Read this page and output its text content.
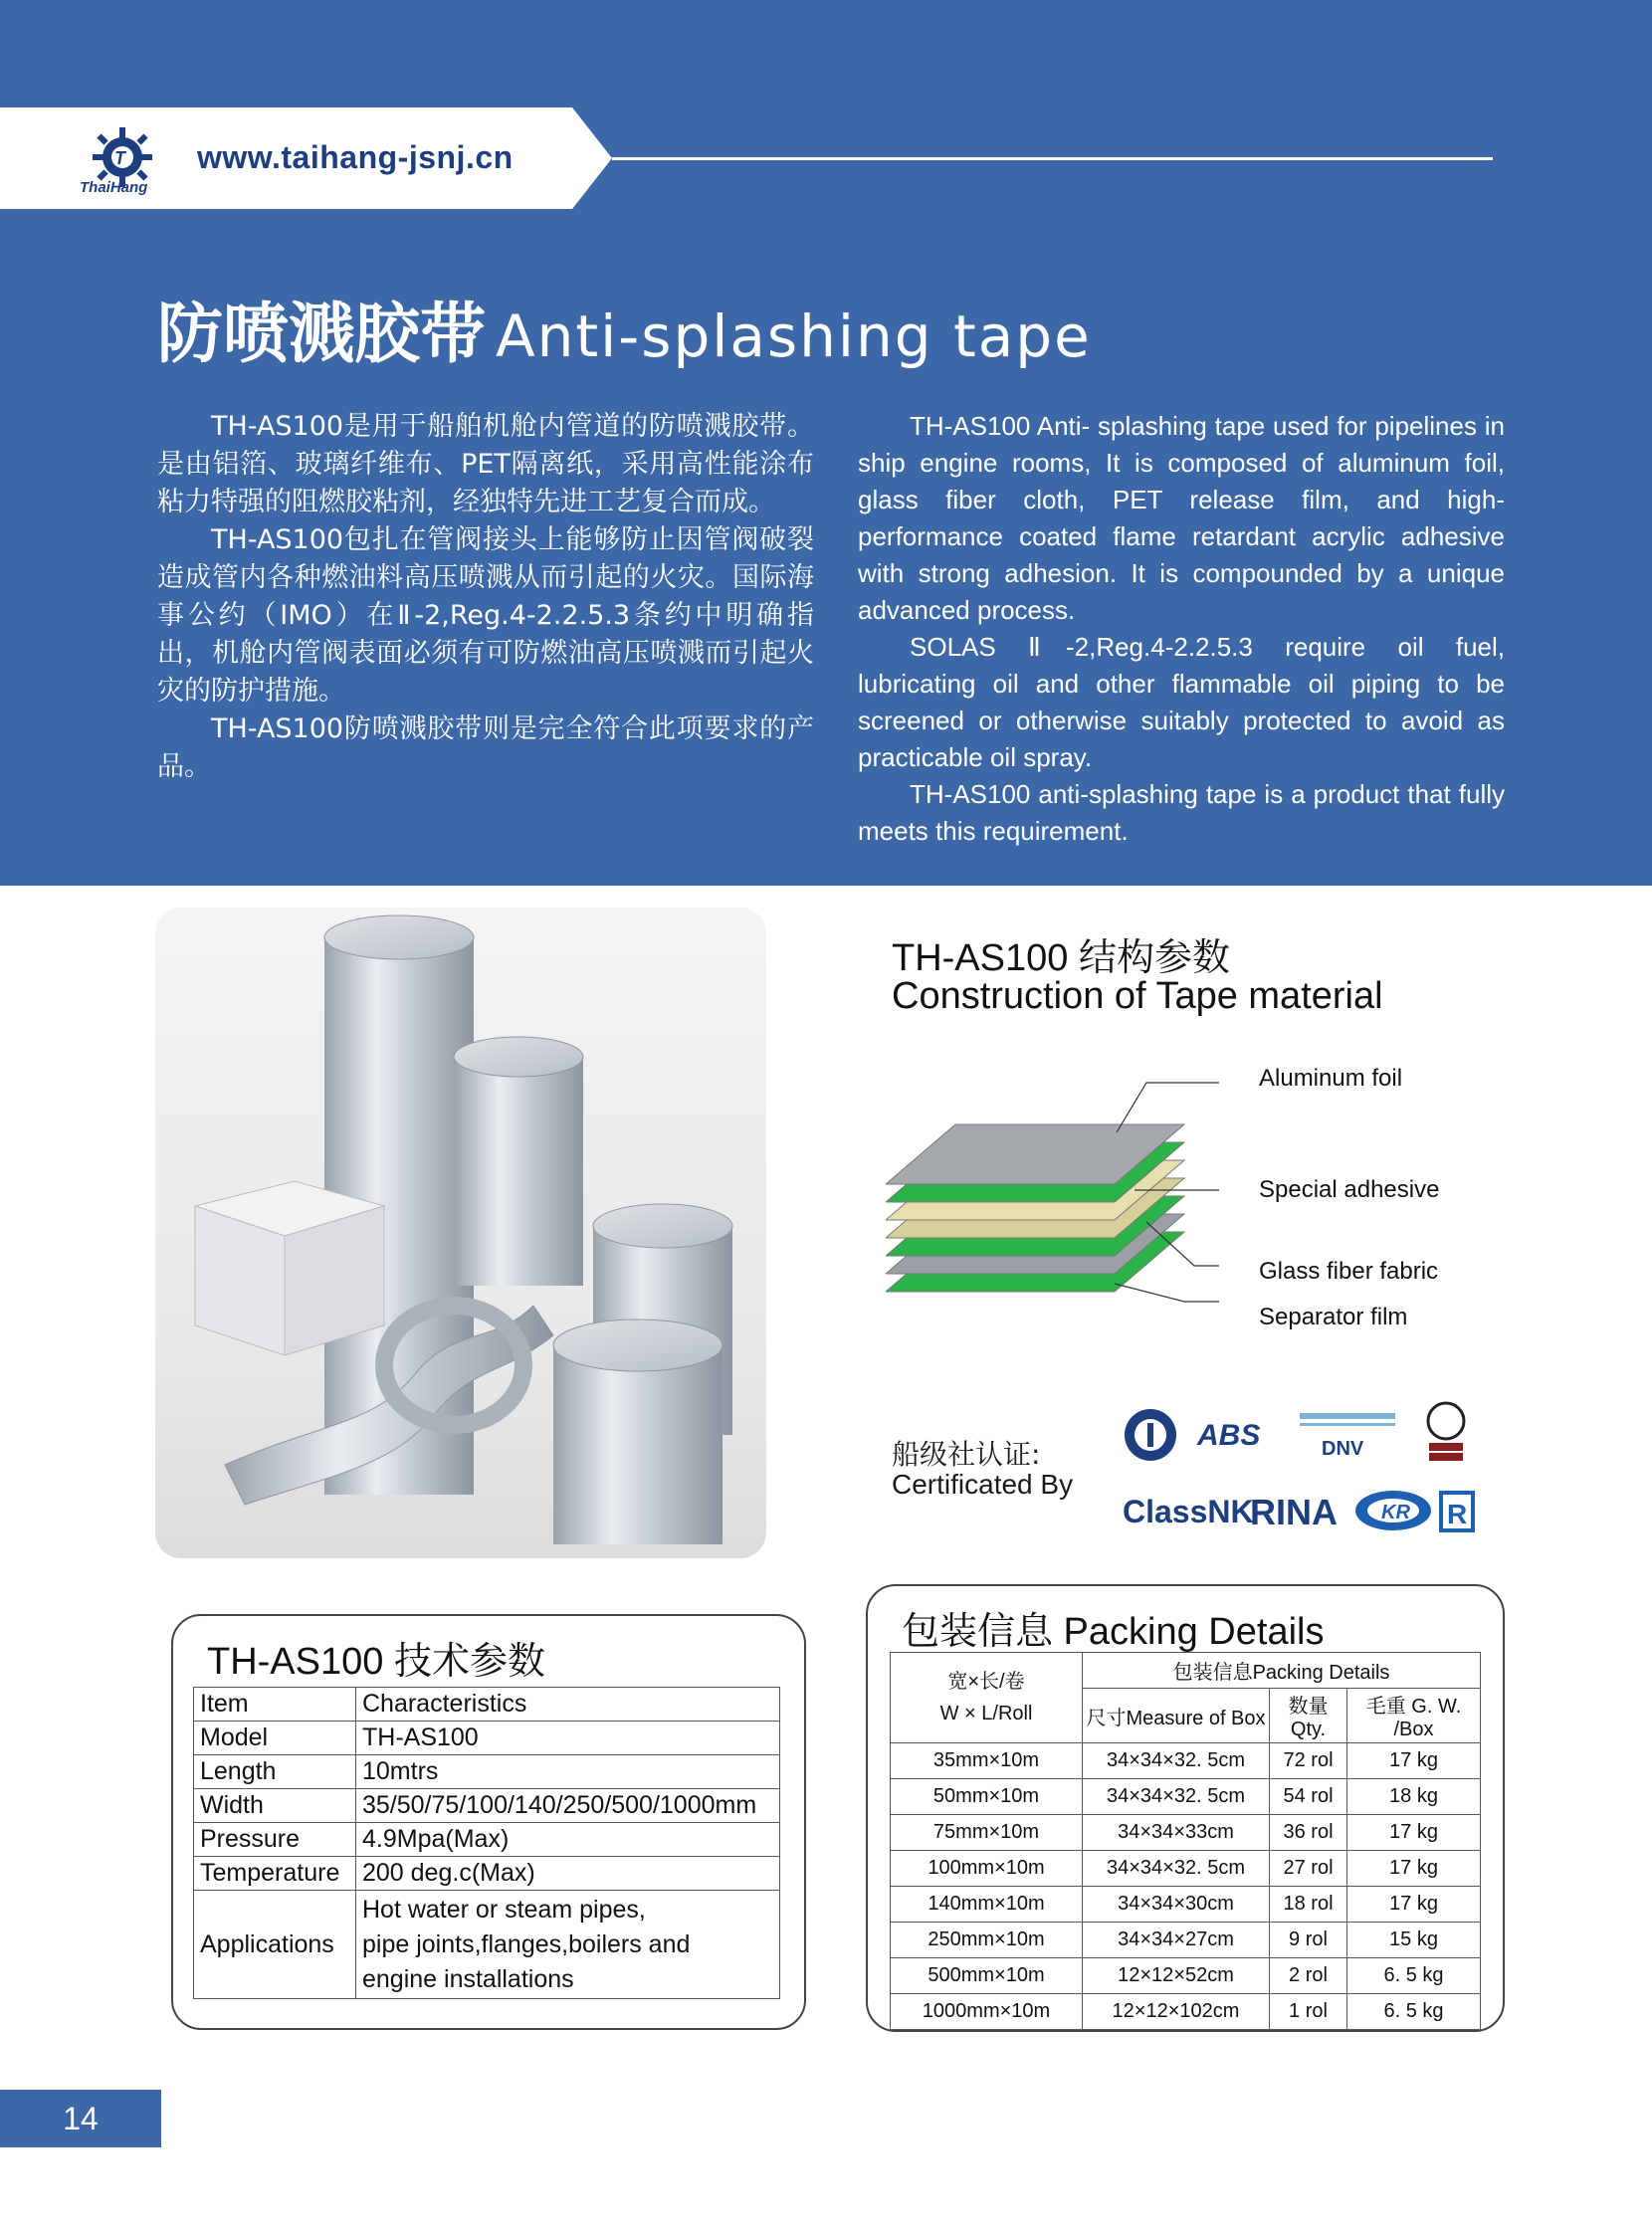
T
ThaiHang
www.taihang-jsnj.cn
防喷溅胶带 Anti-splashing tape

TH-AS100是用于船舶机舱内管道的防喷溅胶带。是由铝箔、玻璃纤维布、PET隔离纸，采用高性能涂布粘力特强的阻燃胶粘剂，经独特先进工艺复合而成。

TH-AS100包扎在管阀接头上能够防止因管阀破裂造成管内各种燃油料高压喷溅从而引起的火灾。国际海事公约（IMO）在Ⅱ-2,Reg.4-2.2.5.3条约中明确指出，机舱内管阀表面必须有可防燃油高压喷溅而引起火灾的防护措施。

TH-AS100防喷溅胶带则是完全符合此项要求的产品。

TH-AS100 Anti- splashing tape used for pipelines in ship engine rooms, It is composed of aluminum foil, glass fiber cloth, PET release film, and high-performance coated flame retardant acrylic adhesive with strong adhesion. It is compounded by a unique advanced process.

SOLAS Ⅱ-2,Reg.4-2.2.5.3 require oil fuel, lubricating oil and other flammable oil piping to be screened or otherwise suitably protected to avoid as practicable oil spray.

TH-AS100 anti-splashing tape is a product that fully meets this requirement.

TH-AS100 结构参数
Construction of Tape material
Aluminum foil
Special adhesive
Glass fiber fabric
Separator film
船级社认证:
Certificated By
ABS	DNV
ClassNK
RINA KR R
TH-AS100 技术参数
Item	Characteristics
Model	TH-AS100
Length	10mtrs
Width	35/50/75/100/140/250/500/1000mm
Pressure	4.9Mpa(Max)
Temperature	200 deg.c(Max)
Applications	Hot water or steam pipes,
pipe joints,flanges,boilers and
engine installations
包装信息 Packing Details
宽×长/卷
W × L/Roll	包装信息Packing Details		
	尺寸Measure of Box	数量Qty.	毛重 G. W. /Box
35mm×10m	34×34×32. 5cm	72 rol	17 kg
50mm×10m	34×34×32. 5cm	54 rol	18 kg
75mm×10m	34×34×33cm	36 rol	17 kg
100mm×10m	34×34×32. 5cm	27 rol	17 kg
140mm×10m	34×34×30cm	18 rol	17 kg
250mm×10m	34×34×27cm	9 rol	15 kg
500mm×10m	12×12×52cm	2 rol	6. 5 kg
1000mm×10m	12×12×102cm	1 rol	6. 5 kg
14
